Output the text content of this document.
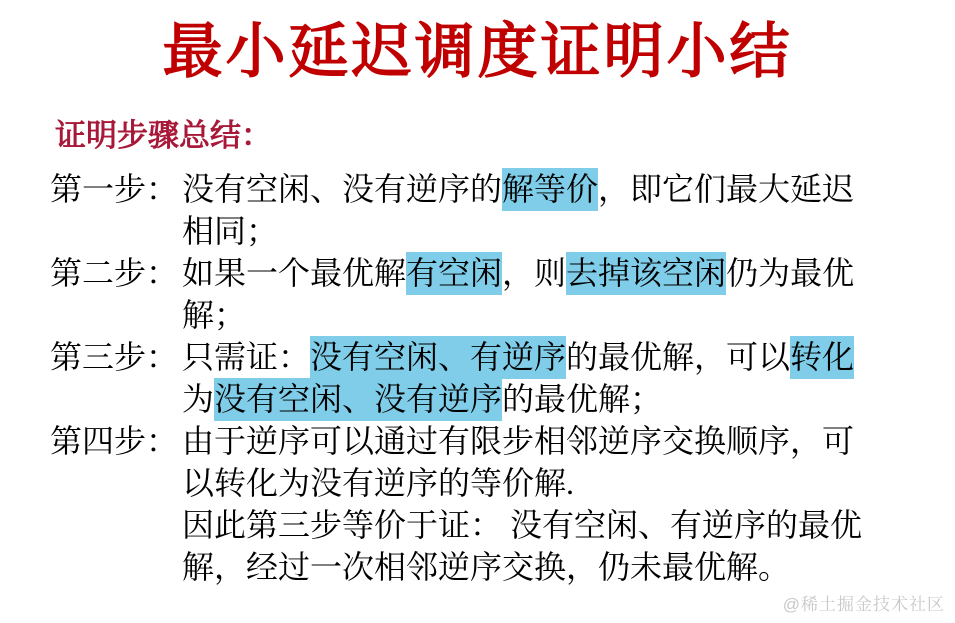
最小延迟调度证明小结
证明步骤总结：
第一步： 没有空闲、没有逆序的解等价，即它们最大延迟
相同；
第二步： 如果一个最优解有空闲，则去掉该空闲仍为最优
解；
第三步： 只需证：没有空闲、有逆序的最优解，可以转化
为没有空闲、没有逆序的最优解；
第四步： 由于逆序可以通过有限步相邻逆序交换顺序，可
以转化为没有逆序的等价解.
因此第三步等价于证： 没有空闲、有逆序的最优
解，经过一次相邻逆序交换，仍未最优解。
@稀土掘金技术社区
